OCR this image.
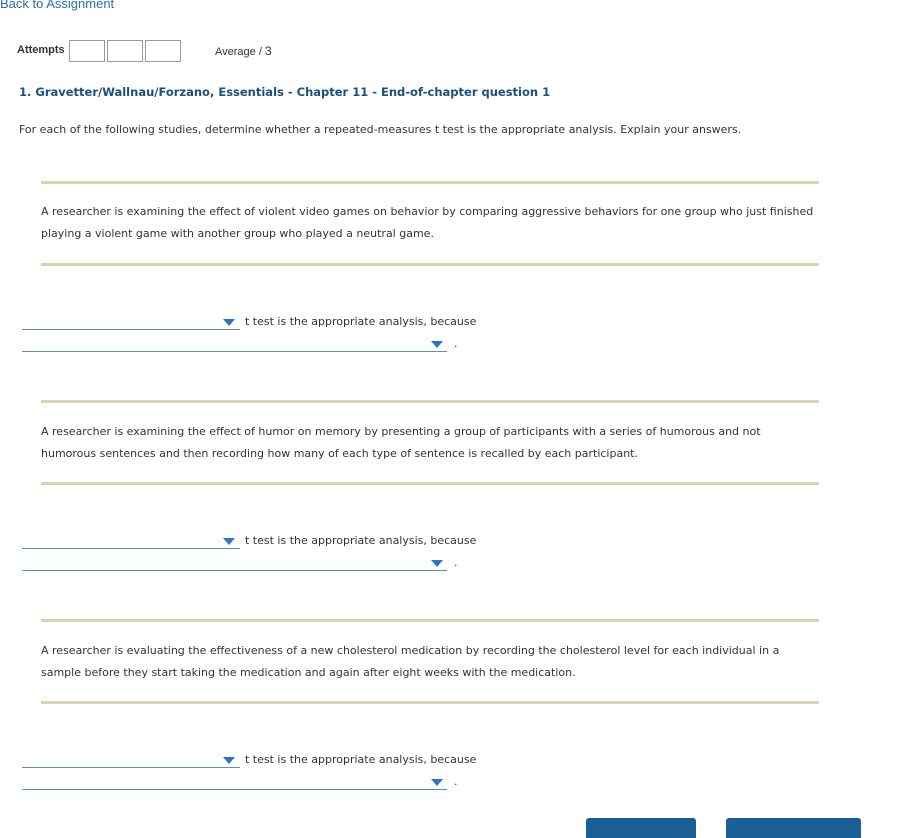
Back to Assignment
Attempts	Average / 3
1. Gravetter/Wallnau/Forzano, Essentials - Chapter 11 - End-of-chapter question 1
For each of the following studies, determine whether a repeated-measures t test is the appropriate analysis. Explain your answers.
A researcher is examining the effect of violent video games on behavior by comparing aggressive behaviors for one group who just finished playing a violent game with another group who played a neutral game.
t test is the appropriate analysis, because
.
A researcher is examining the effect of humor on memory by presenting a group of participants with a series of humorous and not humorous sentences and then recording how many of each type of sentence is recalled by each participant.
t test is the appropriate analysis, because
.
A researcher is evaluating the effectiveness of a new cholesterol medication by recording the cholesterol level for each individual in a sample before they start taking the medication and again after eight weeks with the medication.
t test is the appropriate analysis, because
.
